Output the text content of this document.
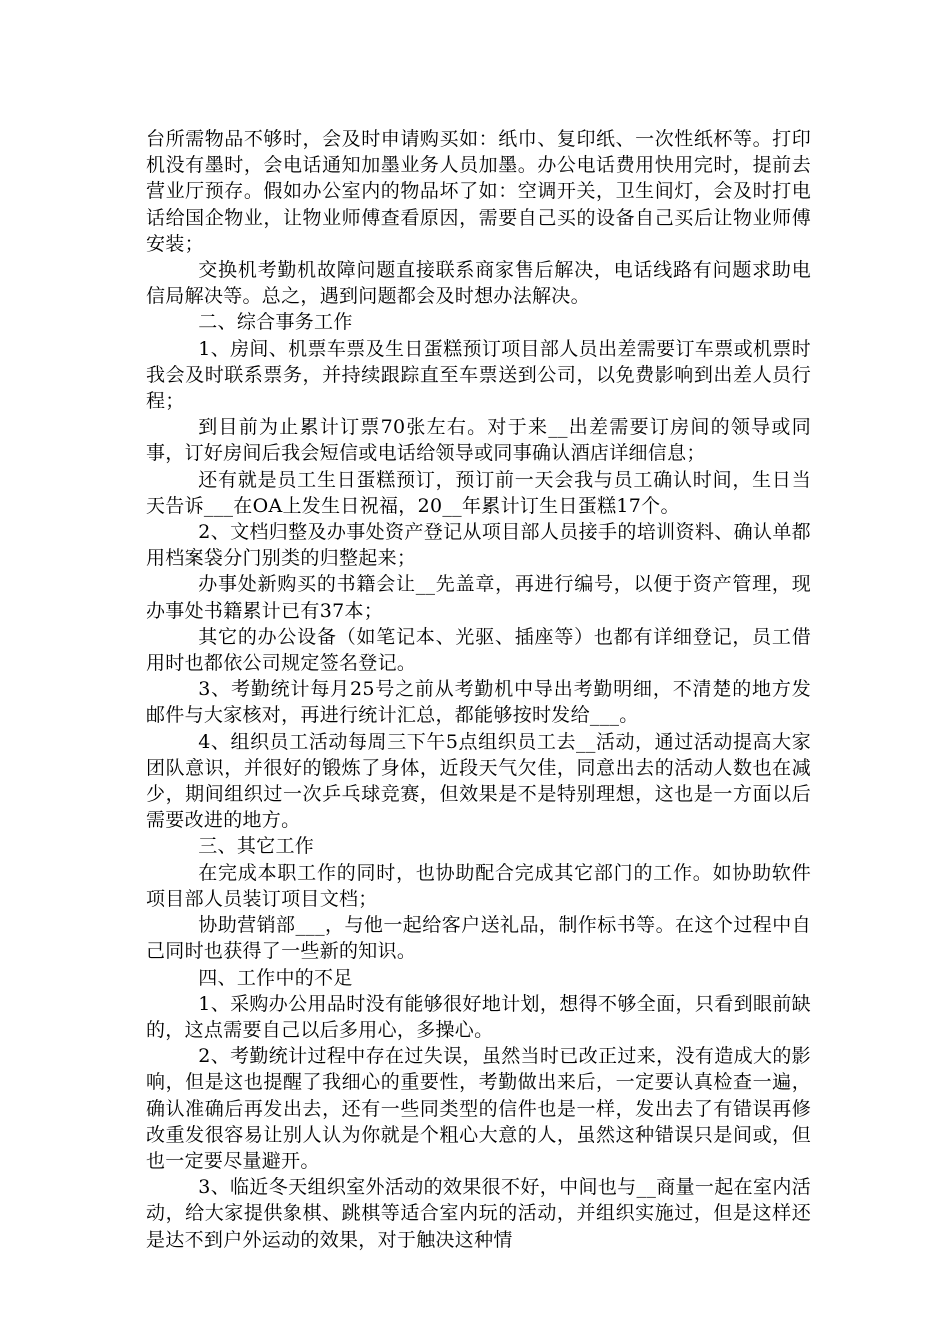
台所需物品不够时，会及时申请购买如：纸巾、复印纸、一次性纸杯等。打印机没有墨时，会电话通知加墨业务人员加墨。办公电话费用快用完时，提前去营业厅预存。假如办公室内的物品坏了如：空调开关，卫生间灯，会及时打电话给国企物业，让物业师傅查看原因，需要自己买的设备自己买后让物业师傅安装；

交换机考勤机故障问题直接联系商家售后解决，电话线路有问题求助电信局解决等。总之，遇到问题都会及时想办法解决。

二、综合事务工作

1、房间、机票车票及生日蛋糕预订项目部人员出差需要订车票或机票时我会及时联系票务，并持续跟踪直至车票送到公司，以免费影响到出差人员行程；

到目前为止累计订票70张左右。对于来__出差需要订房间的领导或同事，订好房间后我会短信或电话给领导或同事确认酒店详细信息；

还有就是员工生日蛋糕预订，预订前一天会我与员工确认时间，生日当天告诉___在OA上发生日祝福，20__年累计订生日蛋糕17个。

2、文档归整及办事处资产登记从项目部人员接手的培训资料、确认单都用档案袋分门别类的归整起来；

办事处新购买的书籍会让__先盖章，再进行编号，以便于资产管理，现办事处书籍累计已有37本；

其它的办公设备（如笔记本、光驱、插座等）也都有详细登记，员工借用时也都依公司规定签名登记。

3、考勤统计每月25号之前从考勤机中导出考勤明细，不清楚的地方发邮件与大家核对，再进行统计汇总，都能够按时发给___。

4、组织员工活动每周三下午5点组织员工去__活动，通过活动提高大家团队意识，并很好的锻炼了身体，近段天气欠佳，同意出去的活动人数也在减少，期间组织过一次乒乓球竞赛，但效果是不是特别理想，这也是一方面以后需要改进的地方。

三、其它工作

在完成本职工作的同时，也协助配合完成其它部门的工作。如协助软件项目部人员装订项目文档；

协助营销部___，与他一起给客户送礼品，制作标书等。在这个过程中自己同时也获得了一些新的知识。

四、工作中的不足

1、采购办公用品时没有能够很好地计划，想得不够全面，只看到眼前缺的，这点需要自己以后多用心，多操心。

2、考勤统计过程中存在过失误，虽然当时已改正过来，没有造成大的影响，但是这也提醒了我细心的重要性，考勤做出来后，一定要认真检查一遍，确认准确后再发出去，还有一些同类型的信件也是一样，发出去了有错误再修改重发很容易让别人认为你就是个粗心大意的人，虽然这种错误只是间或，但也一定要尽量避开。

3、临近冬天组织室外活动的效果很不好，中间也与__商量一起在室内活动，给大家提供象棋、跳棋等适合室内玩的活动，并组织实施过，但是这样还是达不到户外运动的效果，对于触决这种情
